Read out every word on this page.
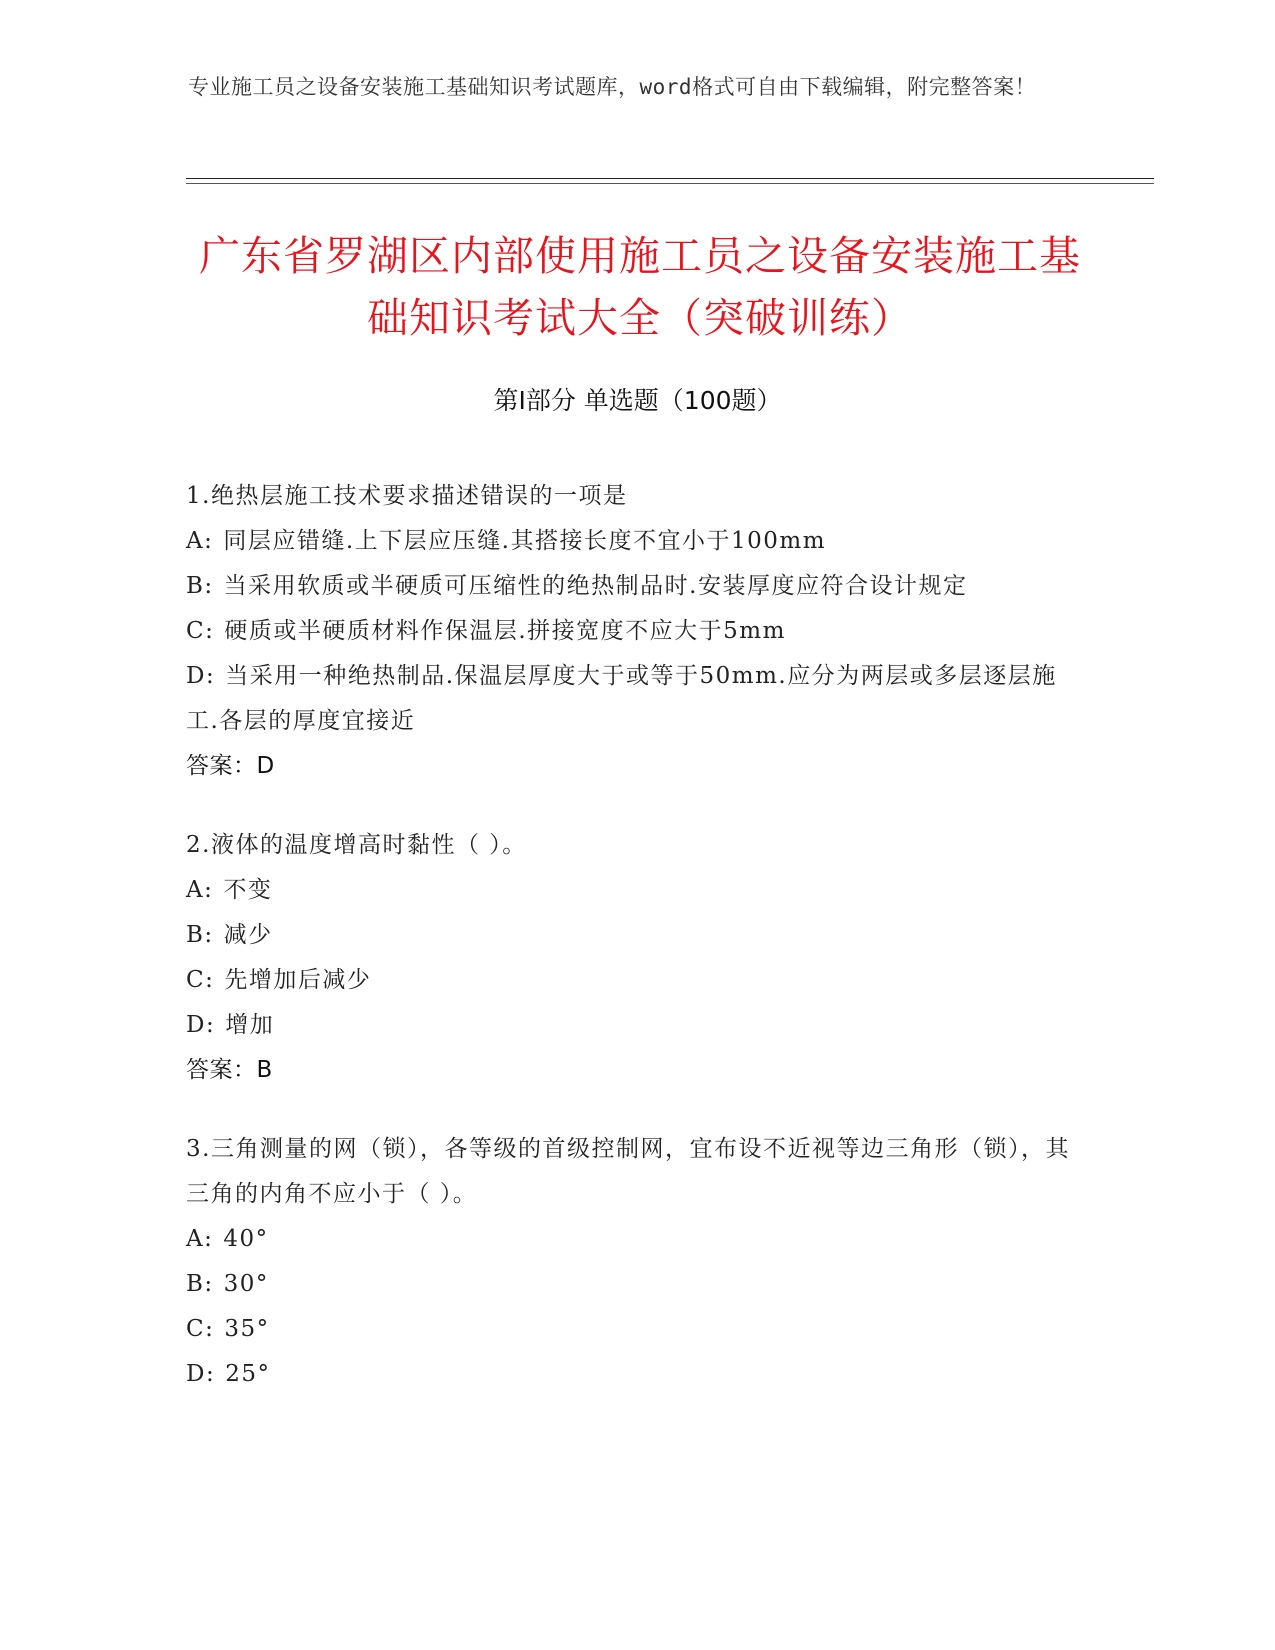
专业施工员之设备安装施工基础知识考试题库，word格式可自由下载编辑，附完整答案！
广东省罗湖区内部使用施工员之设备安装施工基础知识考试大全（突破训练）
第Ⅰ部分 单选题（100题）
1.绝热层施工技术要求描述错误的一项是
A: 同层应错缝.上下层应压缝.其搭接长度不宜小于100mm
B: 当采用软质或半硬质可压缩性的绝热制品时.安装厚度应符合设计规定
C: 硬质或半硬质材料作保温层.拼接宽度不应大于5mm
D: 当采用一种绝热制品.保温层厚度大于或等于50mm.应分为两层或多层逐层施工.各层的厚度宜接近
答案：D
2.液体的温度增高时黏性（ ）。
A: 不变
B: 减少
C: 先增加后减少
D: 增加
答案：B
3.三角测量的网（锁），各等级的首级控制网，宜布设不近视等边三角形（锁），其三角的内角不应小于（ ）。
A: 40°
B: 30°
C: 35°
D: 25°
